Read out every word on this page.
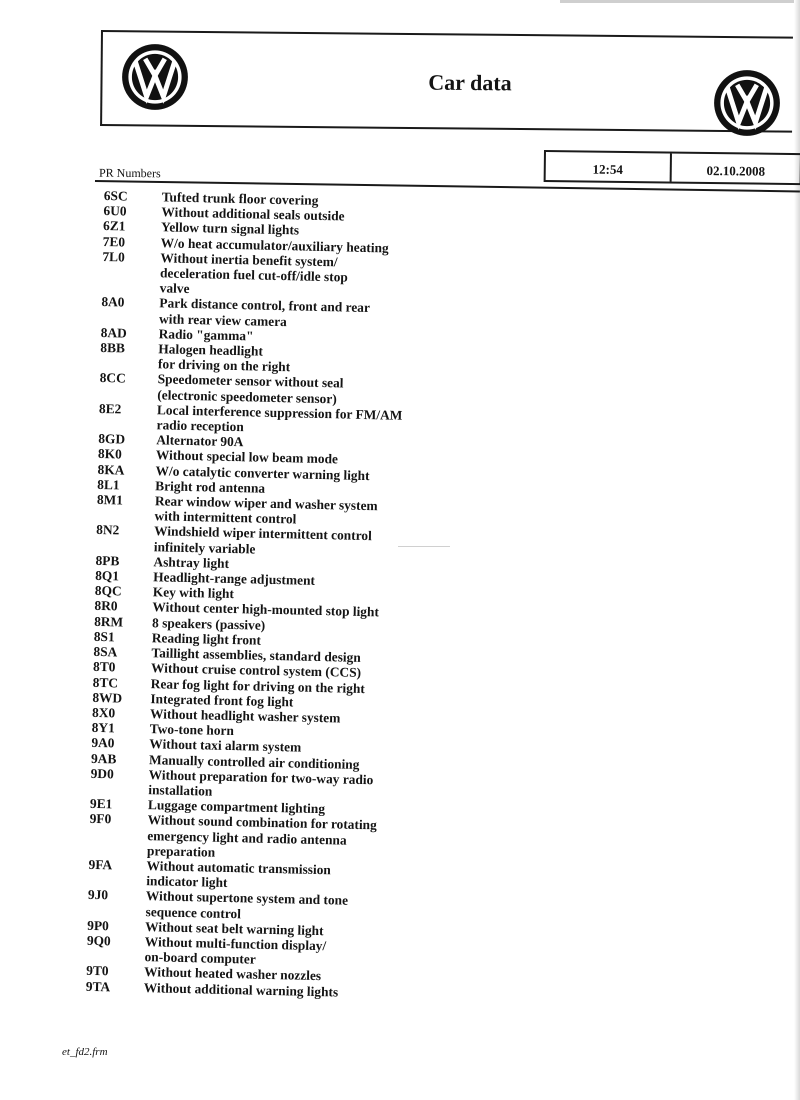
Car data
PR Numbers	12:54	02.10.2008
6SC	Tufted trunk floor covering
6U0	Without additional seals outside
6Z1	Yellow turn signal lights
7E0	W/o heat accumulator/auxiliary heating
7L0	Without inertia benefit system/
deceleration fuel cut-off/idle stop
valve
8A0	Park distance control, front and rear
with rear view camera
8AD	Radio "gamma"
8BB	Halogen headlight
for driving on the right
8CC	Speedometer sensor without seal
(electronic speedometer sensor)
8E2	Local interference suppression for FM/AM
radio reception
8GD	Alternator 90A
8K0	Without special low beam mode
8KA	W/o catalytic converter warning light
8L1	Bright rod antenna
8M1	Rear window wiper and washer system
with intermittent control
8N2	Windshield wiper intermittent control
infinitely variable
8PB	Ashtray light
8Q1	Headlight-range adjustment
8QC	Key with light
8R0	Without center high-mounted stop light
8RM	8 speakers (passive)
8S1	Reading light front
8SA	Taillight assemblies, standard design
8T0	Without cruise control system (CCS)
8TC	Rear fog light for driving on the right
8WD	Integrated front fog light
8X0	Without headlight washer system
8Y1	Two-tone horn
9A0	Without taxi alarm system
9AB	Manually controlled air conditioning
9D0	Without preparation for two-way radio
installation
9E1	Luggage compartment lighting
9F0	Without sound combination for rotating
emergency light and radio antenna
preparation
9FA	Without automatic transmission
indicator light
9J0	Without supertone system and tone
sequence control
9P0	Without seat belt warning light
9Q0	Without multi-function display/
on-board computer
9T0	Without heated washer nozzles
9TA	Without additional warning lights
et_fd2.frm
